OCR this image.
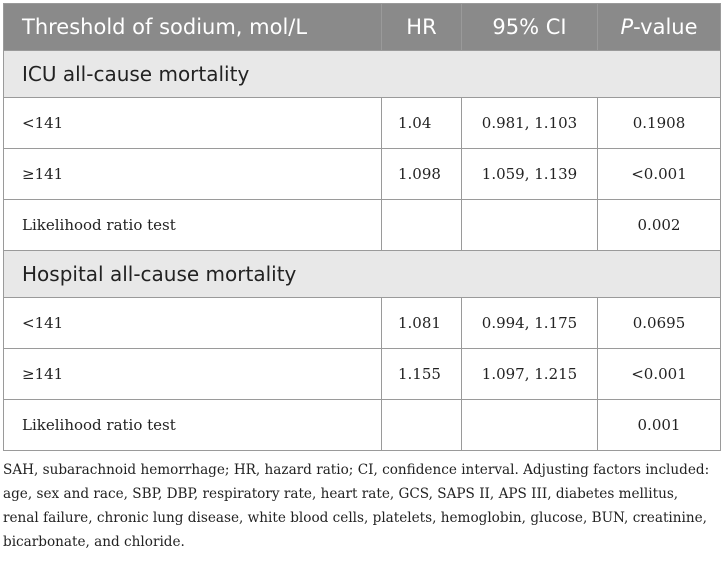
Threshold of sodium, mol/L	HR	95% CI	P-value
ICU all-cause mortality			
<141	1.04	0.981, 1.103	0.1908
≥141	1.098	1.059, 1.139	<0.001
Likelihood ratio test			0.002
Hospital all-cause mortality			
<141	1.081	0.994, 1.175	0.0695
≥141	1.155	1.097, 1.215	<0.001
Likelihood ratio test			0.001

SAH, subarachnoid hemorrhage; HR, hazard ratio; CI, confidence interval. Adjusting factors included: age, sex and race, SBP, DBP, respiratory rate, heart rate, GCS, SAPS II, APS III, diabetes mellitus, renal failure, chronic lung disease, white blood cells, platelets, hemoglobin, glucose, BUN, creatinine, bicarbonate, and chloride.
